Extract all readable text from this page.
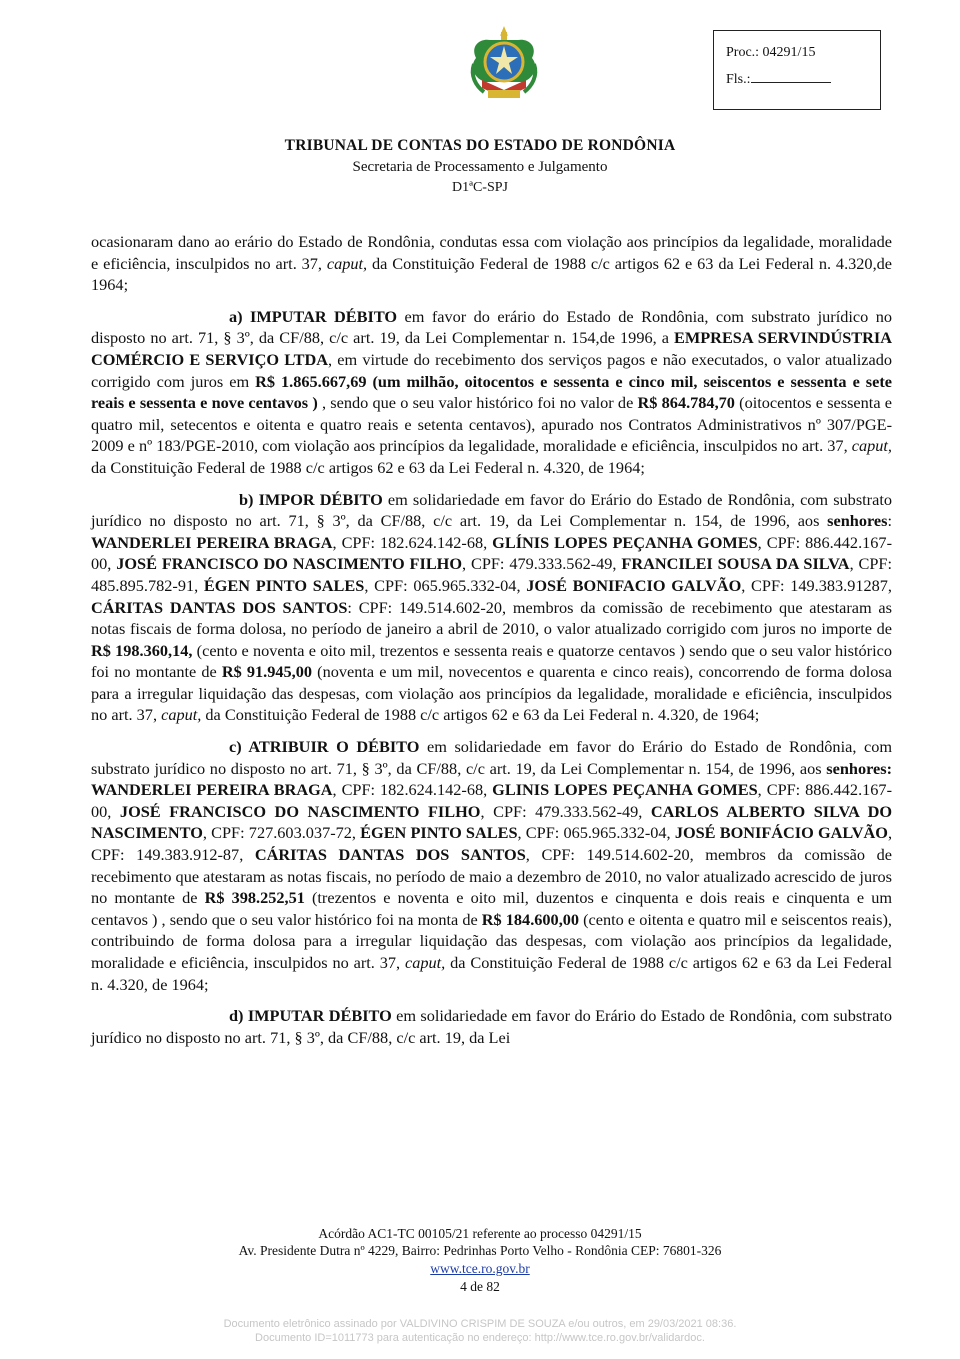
Proc.: 04291/15
Fls.:
TRIBUNAL DE CONTAS DO ESTADO DE RONDÔNIA
Secretaria de Processamento e Julgamento
D1ªC-SPJ

ocasionaram dano ao erário do Estado de Rondônia, condutas essa com violação aos princípios da legalidade, moralidade e eficiência, insculpidos no art. 37, caput, da Constituição Federal de 1988 c/c artigos 62 e 63 da Lei Federal n. 4.320,de 1964;

a) IMPUTAR DÉBITO em favor do erário do Estado de Rondônia, com substrato jurídico no disposto no art. 71, § 3º, da CF/88, c/c art. 19, da Lei Complementar n. 154,de 1996, a EMPRESA SERVINDÚSTRIA COMÉRCIO E SERVIÇO LTDA, em virtude do recebimento dos serviços pagos e não executados, o valor atualizado corrigido com juros em R$ 1.865.667,69 (um milhão, oitocentos e sessenta e cinco mil, seiscentos e sessenta e sete reais e sessenta e nove centavos ) , sendo que o seu valor histórico foi no valor de R$ 864.784,70 (oitocentos e sessenta e quatro mil, setecentos e oitenta e quatro reais e setenta centavos), apurado nos Contratos Administrativos nº 307/PGE-2009 e nº 183/PGE-2010, com violação aos princípios da legalidade, moralidade e eficiência, insculpidos no art. 37, caput, da Constituição Federal de 1988 c/c artigos 62 e 63 da Lei Federal n. 4.320, de 1964;

b) IMPOR DÉBITO em solidariedade em favor do Erário do Estado de Rondônia, com substrato jurídico no disposto no art. 71, § 3º, da CF/88, c/c art. 19, da Lei Complementar n. 154, de 1996, aos senhores: WANDERLEI PEREIRA BRAGA, CPF: 182.624.142-68, GLÍNIS LOPES PEÇANHA GOMES, CPF: 886.442.167-00, JOSÉ FRANCISCO DO NASCIMENTO FILHO, CPF: 479.333.562-49, FRANCILEI SOUSA DA SILVA, CPF: 485.895.782-91, ÉGEN PINTO SALES, CPF: 065.965.332-04, JOSÉ BONIFACIO GALVÃO, CPF: 149.383.91287, CÁRITAS DANTAS DOS SANTOS: CPF: 149.514.602-20, membros da comissão de recebimento que atestaram as notas fiscais de forma dolosa, no período de janeiro a abril de 2010, o valor atualizado corrigido com juros no importe de R$ 198.360,14, (cento e noventa e oito mil, trezentos e sessenta reais e quatorze centavos ) sendo que o seu valor histórico foi no montante de R$ 91.945,00 (noventa e um mil, novecentos e quarenta e cinco reais), concorrendo de forma dolosa para a irregular liquidação das despesas, com violação aos princípios da legalidade, moralidade e eficiência, insculpidos no art. 37, caput, da Constituição Federal de 1988 c/c artigos 62 e 63 da Lei Federal n. 4.320, de 1964;

c) ATRIBUIR O DÉBITO em solidariedade em favor do Erário do Estado de Rondônia, com substrato jurídico no disposto no art. 71, § 3º, da CF/88, c/c art. 19, da Lei Complementar n. 154, de 1996, aos senhores: WANDERLEI PEREIRA BRAGA, CPF: 182.624.142-68, GLINIS LOPES PEÇANHA GOMES, CPF: 886.442.167-00, JOSÉ FRANCISCO DO NASCIMENTO FILHO, CPF: 479.333.562-49, CARLOS ALBERTO SILVA DO NASCIMENTO, CPF: 727.603.037-72, ÉGEN PINTO SALES, CPF: 065.965.332-04, JOSÉ BONIFÁCIO GALVÃO, CPF: 149.383.912-87, CÁRITAS DANTAS DOS SANTOS, CPF: 149.514.602-20, membros da comissão de recebimento que atestaram as notas fiscais, no período de maio a dezembro de 2010, no valor atualizado acrescido de juros no montante de R$ 398.252,51 (trezentos e noventa e oito mil, duzentos e cinquenta e dois reais e cinquenta e um centavos ) , sendo que o seu valor histórico foi na monta de R$ 184.600,00 (cento e oitenta e quatro mil e seiscentos reais), contribuindo de forma dolosa para a irregular liquidação das despesas, com violação aos princípios da legalidade, moralidade e eficiência, insculpidos no art. 37, caput, da Constituição Federal de 1988 c/c artigos 62 e 63 da Lei Federal n. 4.320, de 1964;

d) IMPUTAR DÉBITO em solidariedade em favor do Erário do Estado de Rondônia, com substrato jurídico no disposto no art. 71, § 3º, da CF/88, c/c art. 19, da Lei

Acórdão AC1-TC 00105/21 referente ao processo 04291/15
Av. Presidente Dutra nº 4229, Bairro: Pedrinhas Porto Velho - Rondônia CEP: 76801-326
www.tce.ro.gov.br
4 de 82
Documento eletrônico assinado por VALDIVINO CRISPIM DE SOUZA e/ou outros, em 29/03/2021 08:36.
Documento ID=1011773 para autenticação no endereço: http://www.tce.ro.gov.br/validardoc.
